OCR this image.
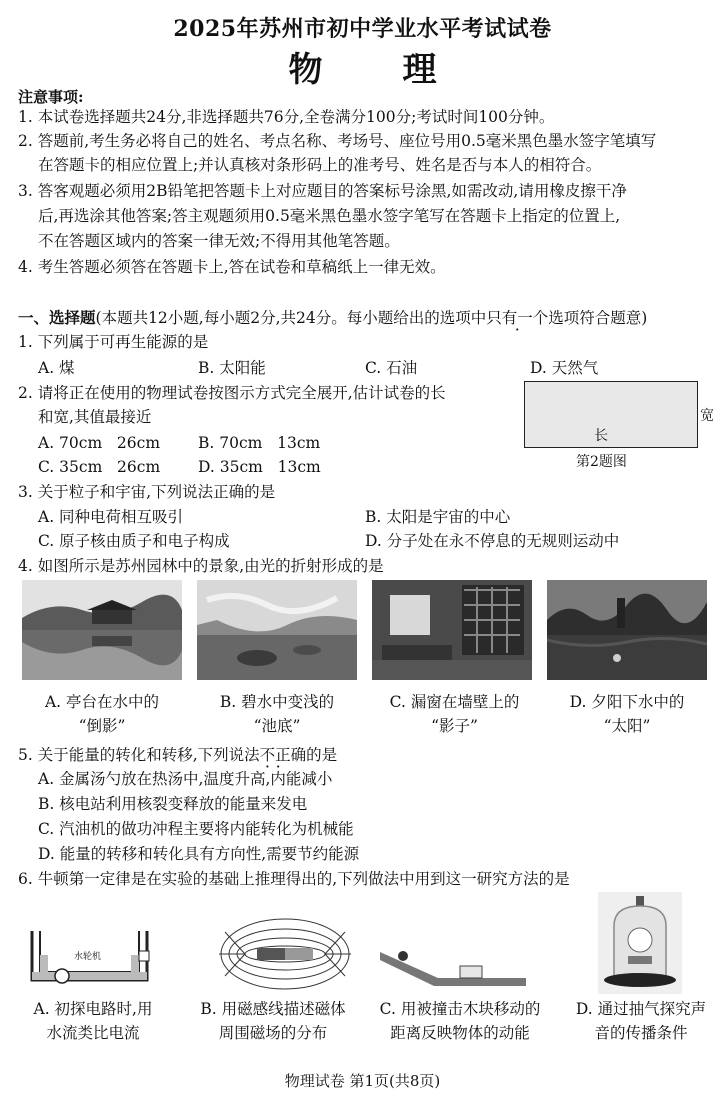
2025年苏州市初中学业水平考试试卷
物理
注意事项:
1. 本试卷选择题共24分,非选择题共76分,全卷满分100分;考试时间100分钟。
2. 答题前,考生务必将自己的姓名、考点名称、考场号、座位号用0.5毫米黑色墨水签字笔填写
在答题卡的相应位置上;并认真核对条形码上的准考号、姓名是否与本人的相符合。
3. 答客观题必须用2B铅笔把答题卡上对应题目的答案标号涂黑,如需改动,请用橡皮擦干净
后,再选涂其他答案;答主观题须用0.5毫米黑色墨水签字笔写在答题卡上指定的位置上,
不在答题区域内的答案一律无效;不得用其他笔答题。
4. 考生答题必须答在答题卡上,答在试卷和草稿纸上一律无效。
一、选择题(本题共12小题,每小题2分,共24分。每小题给出的选项中只有一个选项符合题意)
1. 下列属于可再生能源的是
A. 煤	B. 太阳能	C. 石油	D. 天然气
2. 请将正在使用的物理试卷按图示方式完全展开,估计试卷的长
和宽,其值最接近
A. 70cm   26cm B. 70cm   13cm
C. 35cm   26cm D. 35cm   13cm
长
宽
第2题图
3. 关于粒子和宇宙,下列说法正确的是
A. 同种电荷相互吸引	B. 太阳是宇宙的中心
C. 原子核由质子和电子构成	D. 分子处在永不停息的无规则运动中
4. 如图所示是苏州园林中的景象,由光的折射形成的是
A. 亭台在水中的
“倒影”
B. 碧水中变浅的
“池底”
C. 漏窗在墙壁上的
“影子”
D. 夕阳下水中的
“太阳”
5. 关于能量的转化和转移,下列说法不正确的是
A. 金属汤勺放在热汤中,温度升高,内能减小
B. 核电站利用核裂变释放的能量来发电
C. 汽油机的做功冲程主要将内能转化为机械能
D. 能量的转移和转化具有方向性,需要节约能源
6. 牛顿第一定律是在实验的基础上推理得出的,下列做法中用到这一研究方法的是
水轮机
A. 初探电路时,用
水流类比电流
B. 用磁感线描述磁体
周围磁场的分布
C. 用被撞击木块移动的
距离反映物体的动能
D. 通过抽气探究声
音的传播条件
物理试卷 第1页(共8页)
